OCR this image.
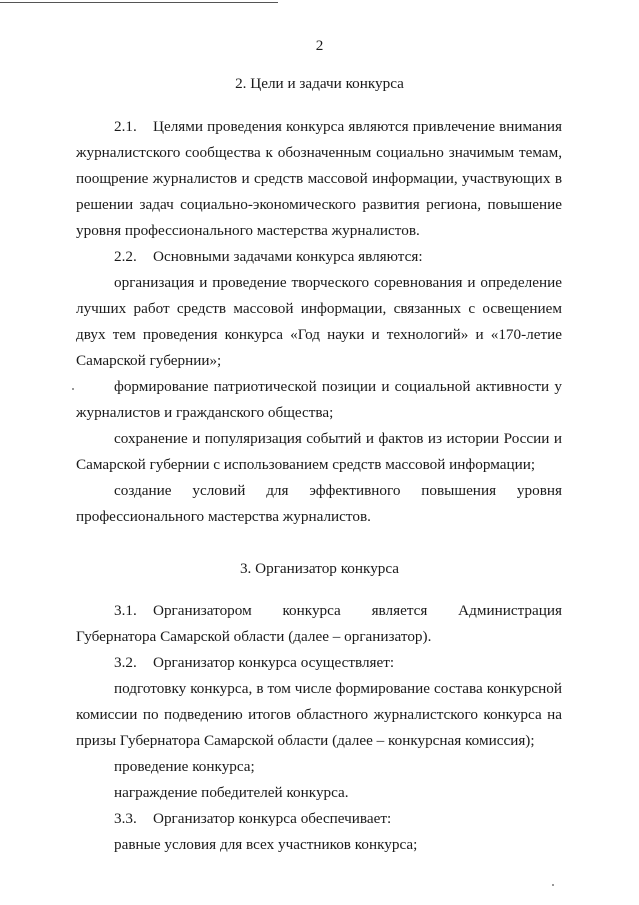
2
2. Цели и задачи конкурса
2.1. Целями проведения конкурса являются привлечение внимания
журналистского сообщества к обозначенным социально значимым темам,
поощрение журналистов и средств массовой информации, участвующих в
решении задач социально-экономического развития региона, повышение
уровня профессионального мастерства журналистов.
2.2. Основными задачами конкурса являются:
организация и проведение творческого соревнования и определение
лучших работ средств массовой информации, связанных с освещением
двух тем проведения конкурса «Год науки и технологий» и «170-летие
Самарской губернии»;
формирование патриотической позиции и социальной активности у
журналистов и гражданского общества;
сохранение и популяризация событий и фактов из истории России и
Самарской губернии с использованием средств массовой информации;
создание условий для эффективного повышения уровня
профессионального мастерства журналистов.
3. Организатор конкурса
3.1. Организатором конкурса является Администрация
Губернатора Самарской области (далее – организатор).
3.2. Организатор конкурса осуществляет:
подготовку конкурса, в том числе формирование состава конкурсной
комиссии по подведению итогов областного журналистского конкурса на
призы Губернатора Самарской области (далее – конкурсная комиссия);
проведение конкурса;
награждение победителей конкурса.
3.3. Организатор конкурса обеспечивает:
равные условия для всех участников конкурса;
